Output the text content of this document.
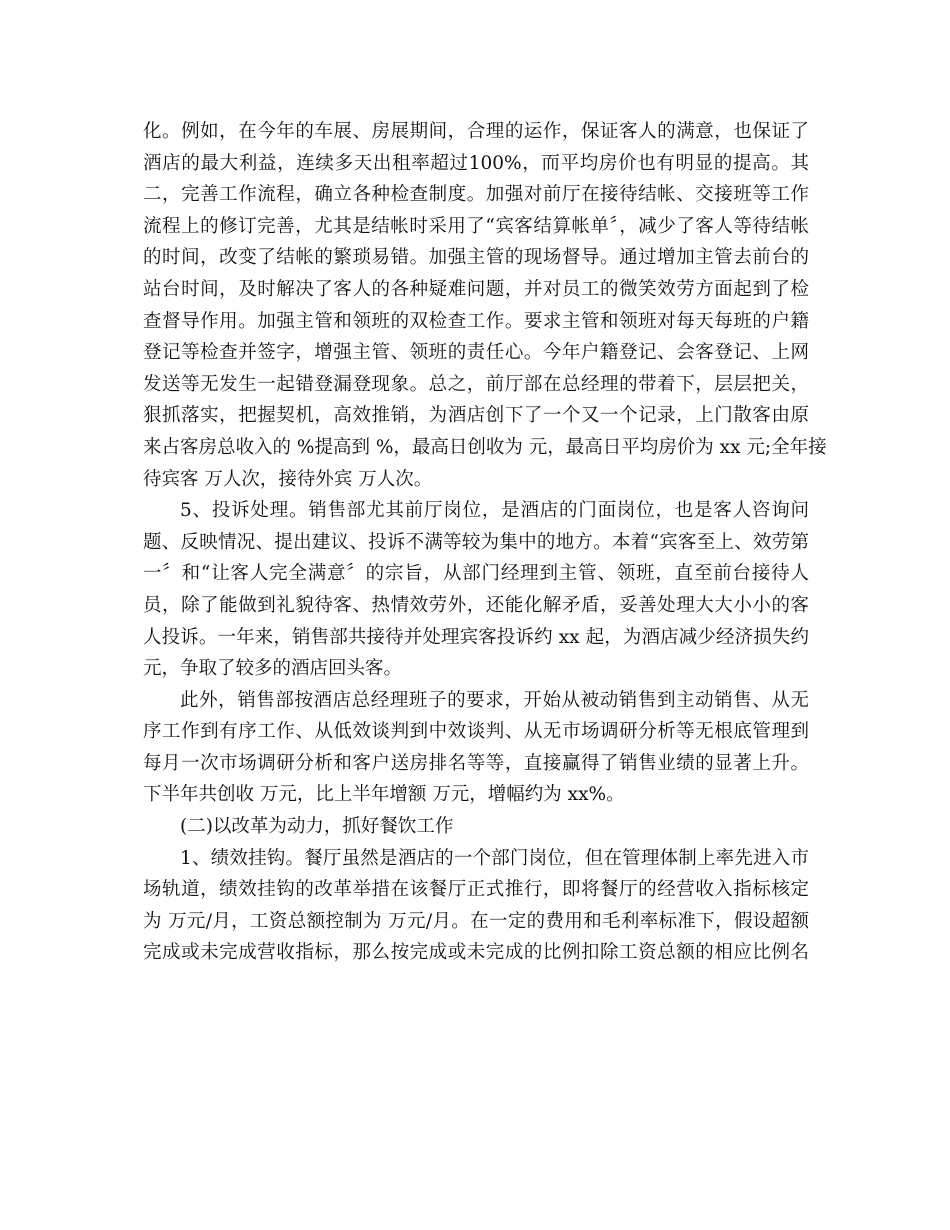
化。例如，在今年的车展、房展期间，合理的运作，保证客人的满意，也保证了
酒店的最大利益，连续多天出租率超过100%，而平均房价也有明显的提高。其
二，完善工作流程，确立各种检查制度。加强对前厅在接待结帐、交接班等工作
流程上的修订完善，尤其是结帐时采用了“宾客结算帐单〞，减少了客人等待结帐
的时间，改变了结帐的繁琐易错。加强主管的现场督导。通过增加主管去前台的
站台时间，及时解决了客人的各种疑难问题，并对员工的微笑效劳方面起到了检
查督导作用。加强主管和领班的双检查工作。要求主管和领班对每天每班的户籍
登记等检查并签字，增强主管、领班的责任心。今年户籍登记、会客登记、上网
发送等无发生一起错登漏登现象。总之，前厅部在总经理的带着下，层层把关，
狠抓落实，把握契机，高效推销，为酒店创下了一个又一个记录，上门散客由原
来占客房总收入的 %提高到 %，最高日创收为 元，最高日平均房价为 xx 元;全年接
待宾客 万人次，接待外宾 万人次。

5、投诉处理。销售部尤其前厅岗位，是酒店的门面岗位，也是客人咨询问
题、反映情况、提出建议、投诉不满等较为集中的地方。本着“宾客至上、效劳第
一〞和“让客人完全满意〞的宗旨，从部门经理到主管、领班，直至前台接待人
员，除了能做到礼貌待客、热情效劳外，还能化解矛盾，妥善处理大大小小的客
人投诉。一年来，销售部共接待并处理宾客投诉约 xx 起，为酒店减少经济损失约
元，争取了较多的酒店回头客。

此外，销售部按酒店总经理班子的要求，开始从被动销售到主动销售、从无
序工作到有序工作、从低效谈判到中效谈判、从无市场调研分析等无根底管理到
每月一次市场调研分析和客户送房排名等等，直接赢得了销售业绩的显著上升。
下半年共创收 万元，比上半年增额 万元，增幅约为 xx%。

(二)以改革为动力，抓好餐饮工作

1、绩效挂钩。餐厅虽然是酒店的一个部门岗位，但在管理体制上率先进入市
场轨道，绩效挂钩的改革举措在该餐厅正式推行，即将餐厅的经营收入指标核定
为 万元/月，工资总额控制为 万元/月。在一定的费用和毛利率标准下，假设超额
完成或未完成营收指标，那么按完成或未完成的比例扣除工资总额的相应比例名
